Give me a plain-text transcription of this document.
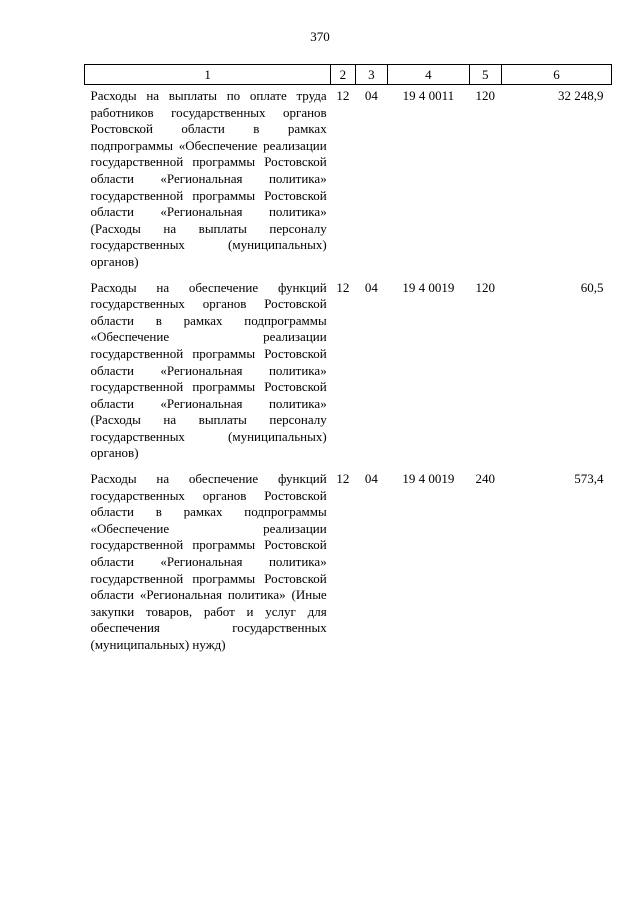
370
1	2	3	4	5	6
Расходы на выплаты по оплате труда работников государственных органов Ростовской области в рамках подпрограммы «Обеспечение реализации государственной программы Ростовской области «Региональная политика» государственной программы Ростовской области «Региональная политика» (Расходы на выплаты персоналу государственных (муниципальных) органов)	12	04	19 4 0011	120	32 248,9
Расходы на обеспечение функций государственных органов Ростовской области в рамках подпрограммы «Обеспечение реализации государственной программы Ростовской области «Региональная политика» государственной программы Ростовской области «Региональная политика» (Расходы на выплаты персоналу государственных (муниципальных) органов)	12	04	19 4 0019	120	60,5
Расходы на обеспечение функций государственных органов Ростовской области в рамках подпрограммы «Обеспечение реализации государственной программы Ростовской области «Региональная политика» государственной программы Ростовской области «Региональная политика» (Иные закупки товаров, работ и услуг для обеспечения государственных (муниципальных) нужд)	12	04	19 4 0019	240	573,4
